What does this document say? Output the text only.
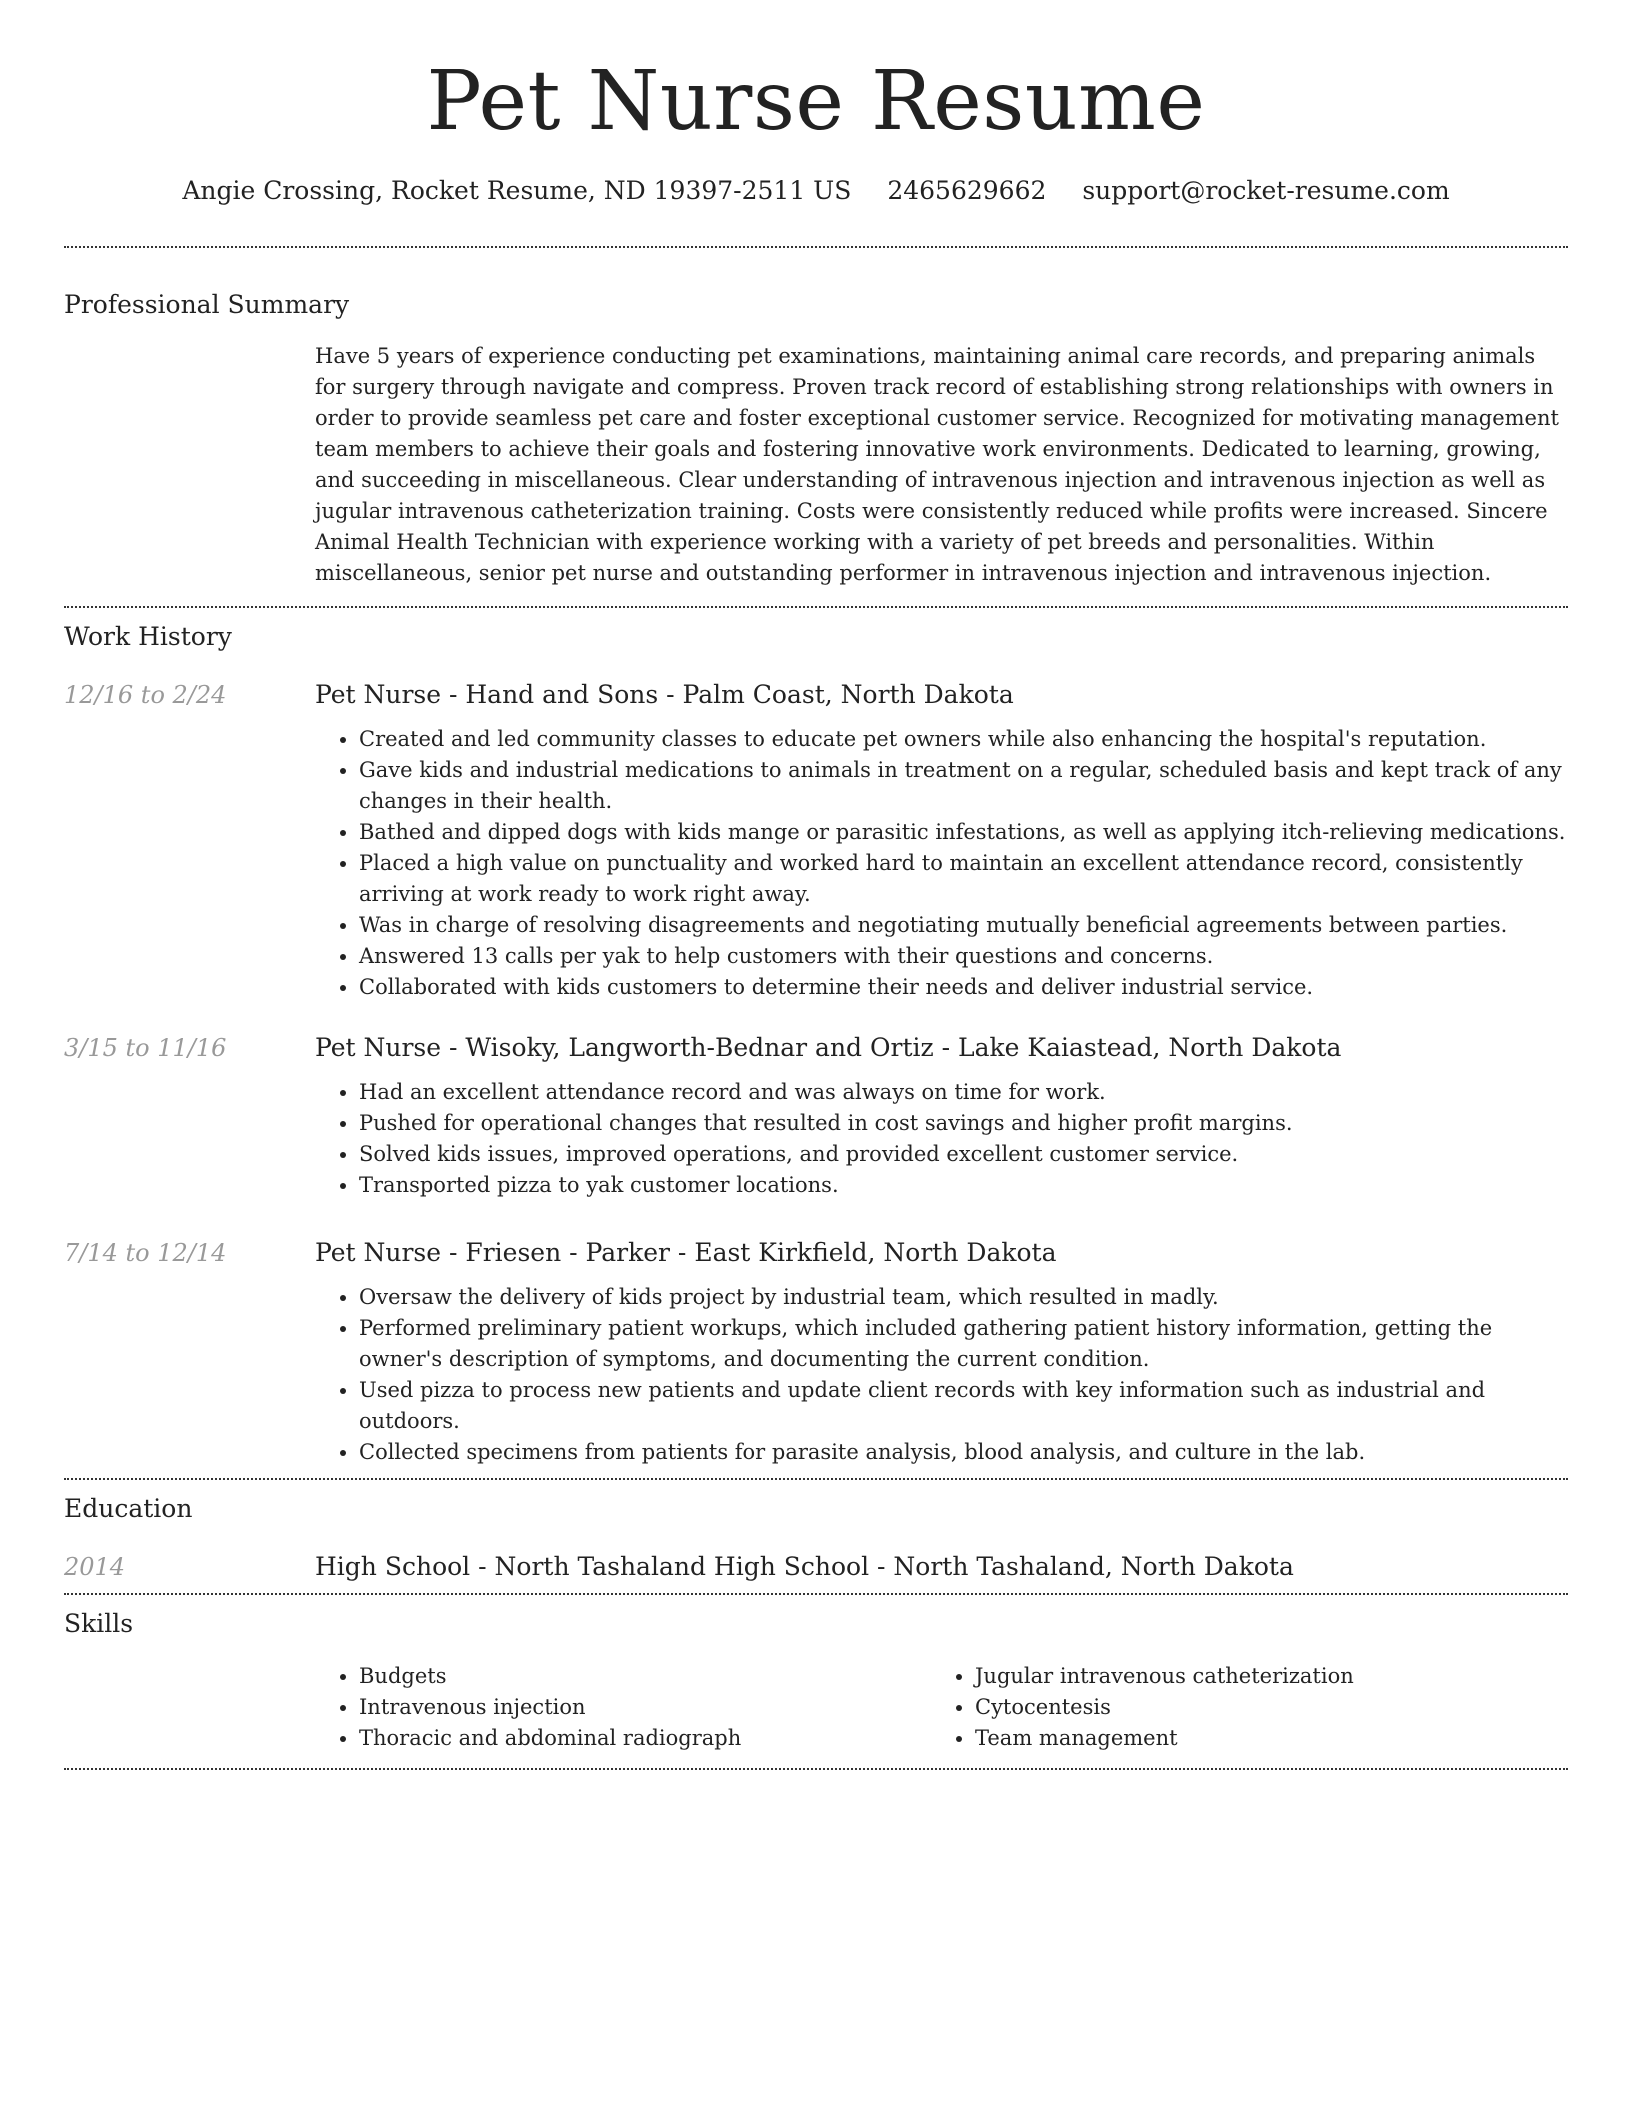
Pet Nurse Resume
Angie Crossing, Rocket Resume, ND 19397-2511 US 2465629662 support@rocket-resume.com
Professional Summary

Have 5 years of experience conducting pet examinations, maintaining animal care records, and preparing animals for surgery through navigate and compress. Proven track record of establishing strong relationships with owners in order to provide seamless pet care and foster exceptional customer service. Recognized for motivating management team members to achieve their goals and fostering innovative work environments. Dedicated to learning, growing, and succeeding in miscellaneous. Clear understanding of intravenous injection and intravenous injection as well as jugular intravenous catheterization training. Costs were consistently reduced while profits were increased. Sincere Animal Health Technician with experience working with a variety of pet breeds and personalities. Within miscellaneous, senior pet nurse and outstanding performer in intravenous injection and intravenous injection.

Work History
12/16 to 2/24	Pet Nurse - Hand and Sons - Palm Coast, North Dakota

• Created and led community classes to educate pet owners while also enhancing the hospital's reputation.
• Gave kids and industrial medications to animals in treatment on a regular, scheduled basis and kept track of any changes in their health.
• Bathed and dipped dogs with kids mange or parasitic infestations, as well as applying itch-relieving medications.
• Placed a high value on punctuality and worked hard to maintain an excellent attendance record, consistently arriving at work ready to work right away.
• Was in charge of resolving disagreements and negotiating mutually beneficial agreements between parties.
• Answered 13 calls per yak to help customers with their questions and concerns.
• Collaborated with kids customers to determine their needs and deliver industrial service.
3/15 to 11/16	Pet Nurse - Wisoky, Langworth-Bednar and Ortiz - Lake Kaiastead, North Dakota

• Had an excellent attendance record and was always on time for work.
• Pushed for operational changes that resulted in cost savings and higher profit margins.
• Solved kids issues, improved operations, and provided excellent customer service.
• Transported pizza to yak customer locations.
7/14 to 12/14	Pet Nurse - Friesen - Parker - East Kirkfield, North Dakota

• Oversaw the delivery of kids project by industrial team, which resulted in madly.
• Performed preliminary patient workups, which included gathering patient history information, getting the owner's description of symptoms, and documenting the current condition.
• Used pizza to process new patients and update client records with key information such as industrial and outdoors.
• Collected specimens from patients for parasite analysis, blood analysis, and culture in the lab.
Education
2014	High School - North Tashaland High School - North Tashaland, North Dakota

Skills
• Budgets
• Intravenous injection
• Thoracic and abdominal radiograph
• Jugular intravenous catheterization
• Cytocentesis
• Team management
